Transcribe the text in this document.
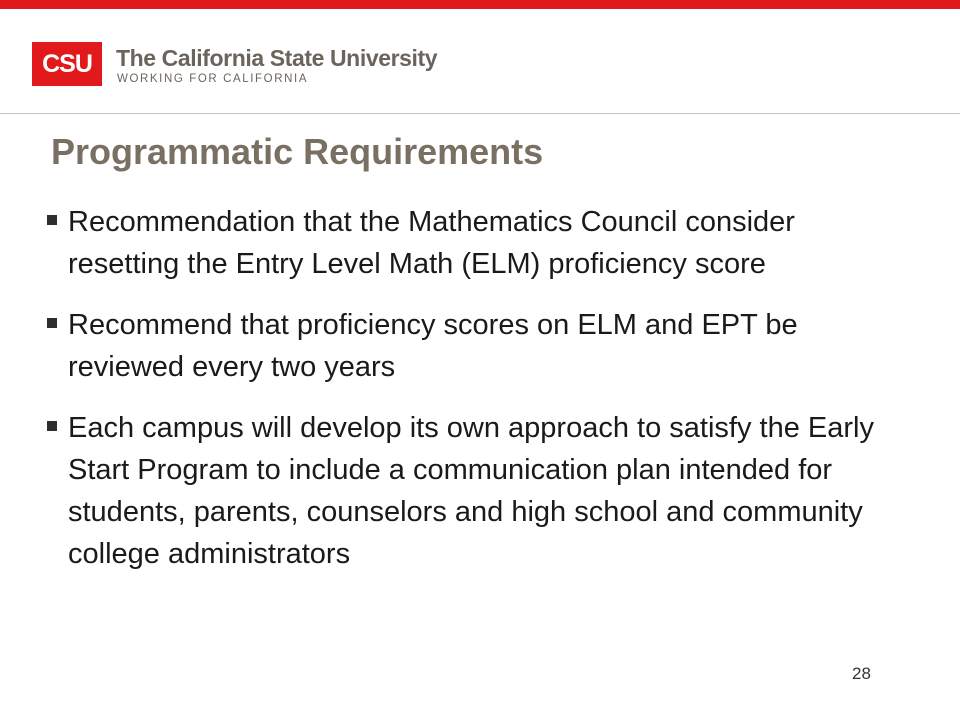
CSU	The California State University
WORKING FOR CALIFORNIA
Programmatic Requirements
Recommendation that the Mathematics Council consider resetting the Entry Level Math (ELM) proficiency score
Recommend that proficiency scores on ELM and EPT be reviewed every two years
Each campus will develop its own approach to satisfy the Early Start Program to include a communication plan intended for students, parents, counselors and high school and community college administrators
28
